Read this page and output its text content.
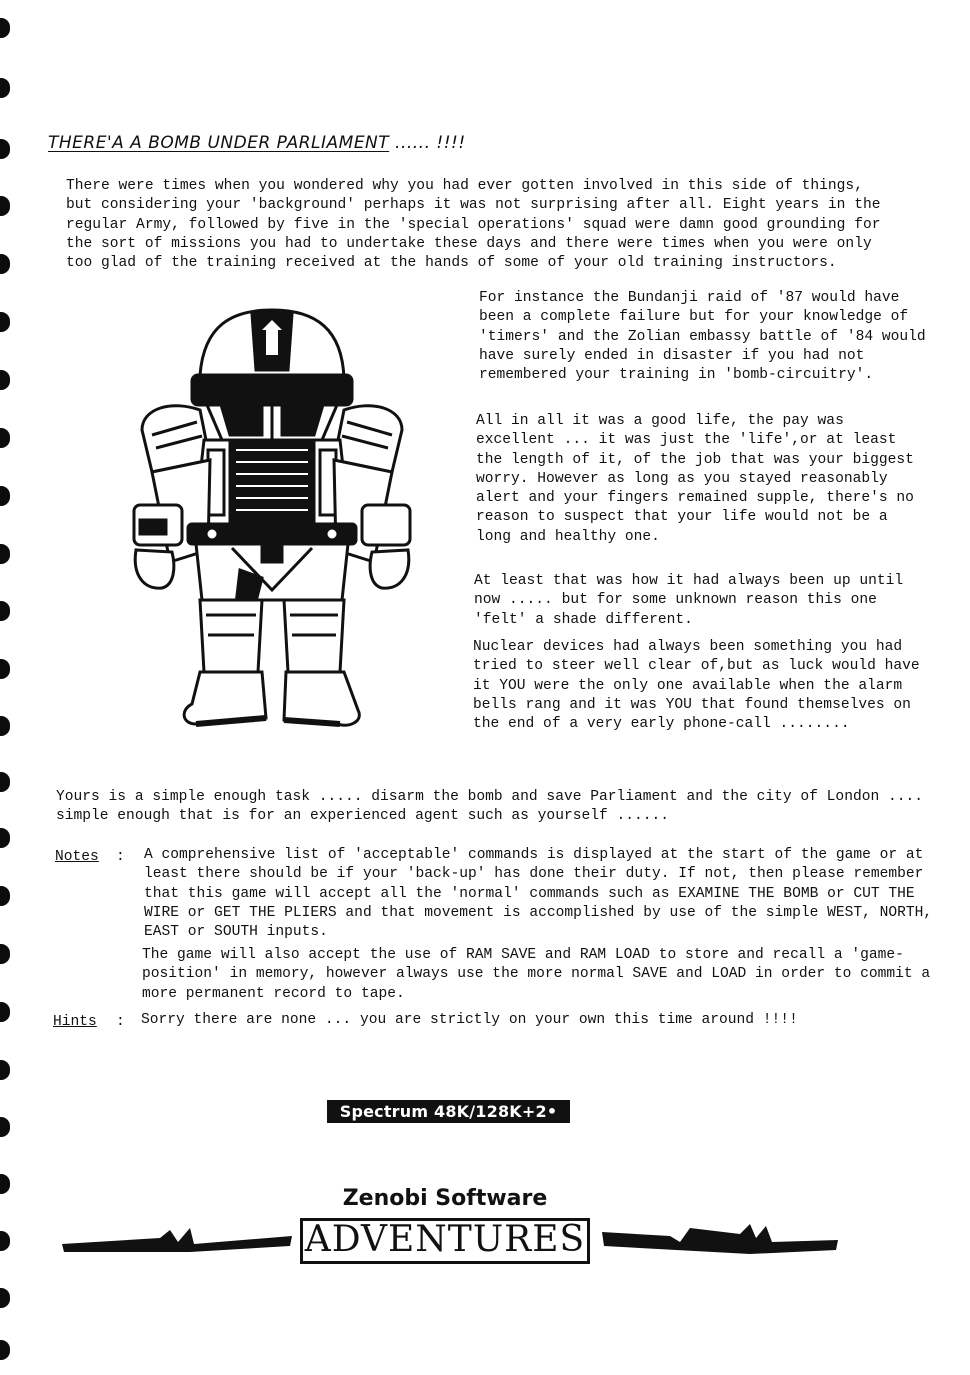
THERE'A A BOMB UNDER PARLIAMENT ...... !!!!

There were times when you wondered why you had ever gotten involved in this side of things, but considering your 'background' perhaps it was not surprising after all. Eight years in the regular Army, followed by five in the 'special operations' squad were damn good grounding for the sort of missions you had to undertake these days and there were times when you were only too glad of the training received at the hands of some of your old training instructors.

For instance the Bundanji raid of '87 would have been a complete failure but for your knowledge of 'timers' and the Zolian embassy battle of '84 would have surely ended in disaster if you had not remembered your training in 'bomb-circuitry'.

All in all it was a good life, the pay was excellent ... it was just the 'life',or at least the length of it, of the job that was your biggest worry. However as long as you stayed reasonably alert and your fingers remained supple, there's no reason to suspect that your life would not be a long and healthy one.

At least that was how it had always been up until now ..... but for some unknown reason this one 'felt' a shade different.

Nuclear devices had always been something you had tried to steer well clear of,but as luck would have it YOU were the only one available when the alarm bells rang and it was YOU that found themselves on the end of a very early phone-call ........

Yours is a simple enough task ..... disarm the bomb and save Parliament and the city of London .... simple enough that is for an experienced agent such as yourself ......

Notes : A comprehensive list of 'acceptable' commands is displayed at the start of the game or at least there should be if your 'back-up' has done their duty. If not, then please remember that this game will accept all the 'normal' commands such as EXAMINE THE BOMB or CUT THE WIRE or GET THE PLIERS and that movement is accomplished by use of the simple WEST, NORTH, EAST or SOUTH inputs.

The game will also accept the use of RAM SAVE and RAM LOAD to store and recall a 'game-position' in memory, however always use the more normal SAVE and LOAD in order to commit a more permanent record to tape.

Hints : Sorry there are none ... you are strictly on your own this time around !!!!

Spectrum 48K/128K+2•
Zenobi Software
ADVENTURES
